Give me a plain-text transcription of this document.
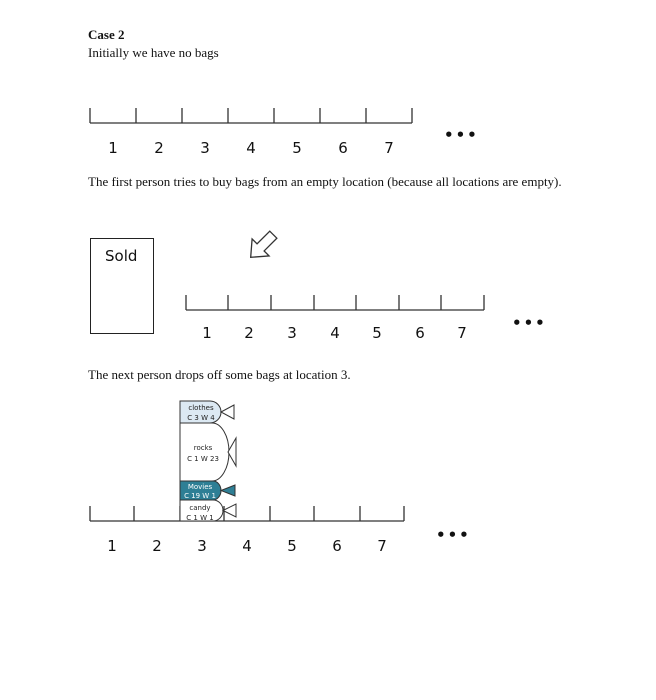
Case 2
Initially we have no bags
clothes
C 3 W 4
rocks
C 1 W 23
Movies
C 19 W 1
candy
C 1 W 1
1 2 3 4 5 6 7
•••
The first person tries to buy bags from an empty location (because all locations are empty).
Sold
1 2 3 4 5 6 7
•••
The next person drops off some bags at location 3.
1 2 3 4 5 6 7
•••
